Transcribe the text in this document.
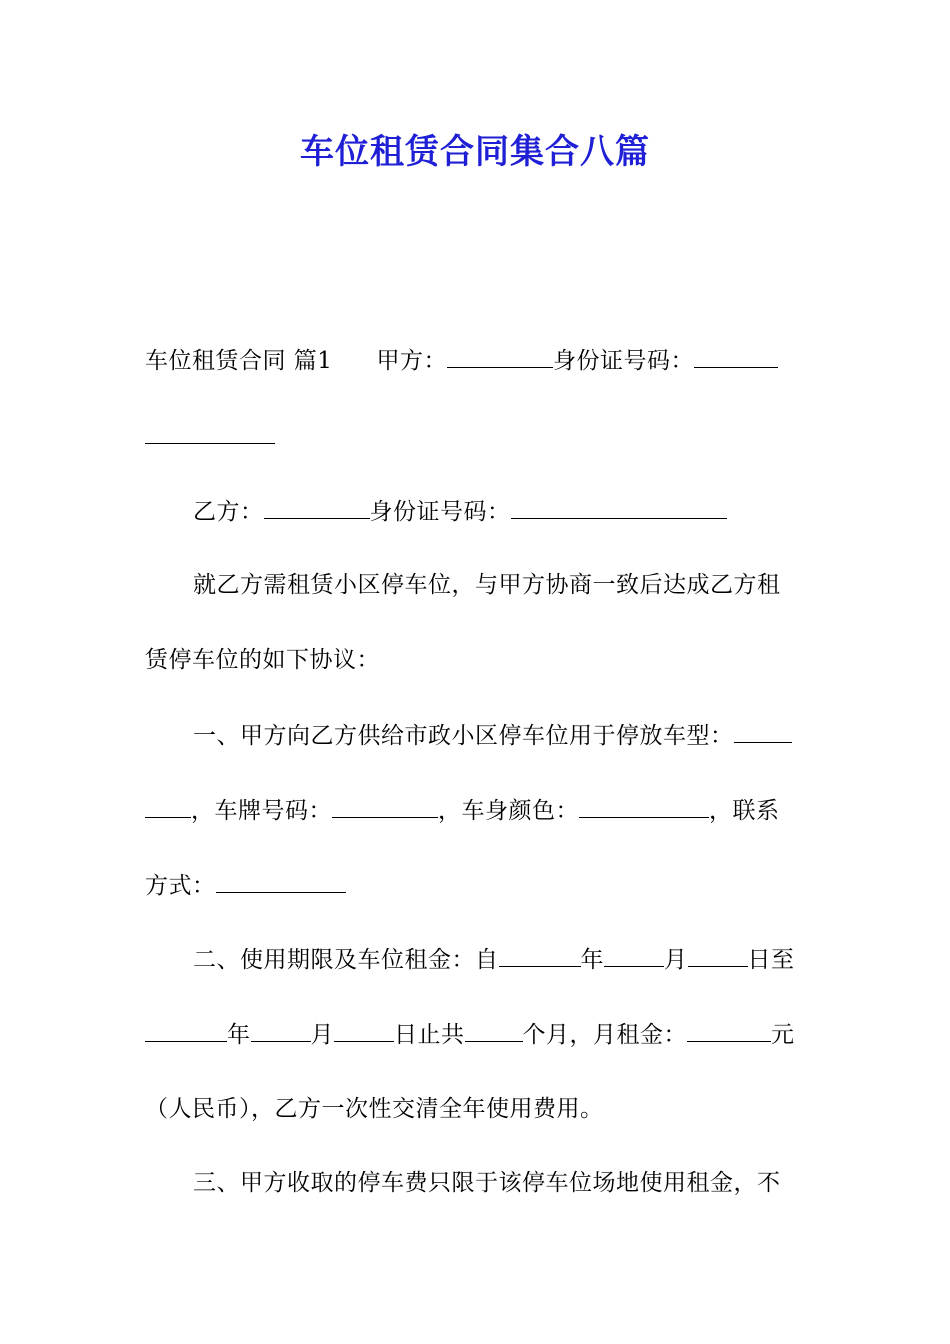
车位租赁合同集合八篇
车位租赁合同 篇1 甲方：	身份证号码：
乙方：	身份证号码：
就乙方需租赁小区停车位，与甲方协商一致后达成乙方租
赁停车位的如下协议：
一、甲方向乙方供给市政小区停车位用于停放车型：
，车牌号码：	，车身颜色：	，联系
方式：
二、使用期限及车位租金：自	年	月	日至
年	月	日止共	个月，月租金：	元
（人民币），乙方一次性交清全年使用费用。
三、甲方收取的停车费只限于该停车位场地使用租金，不
